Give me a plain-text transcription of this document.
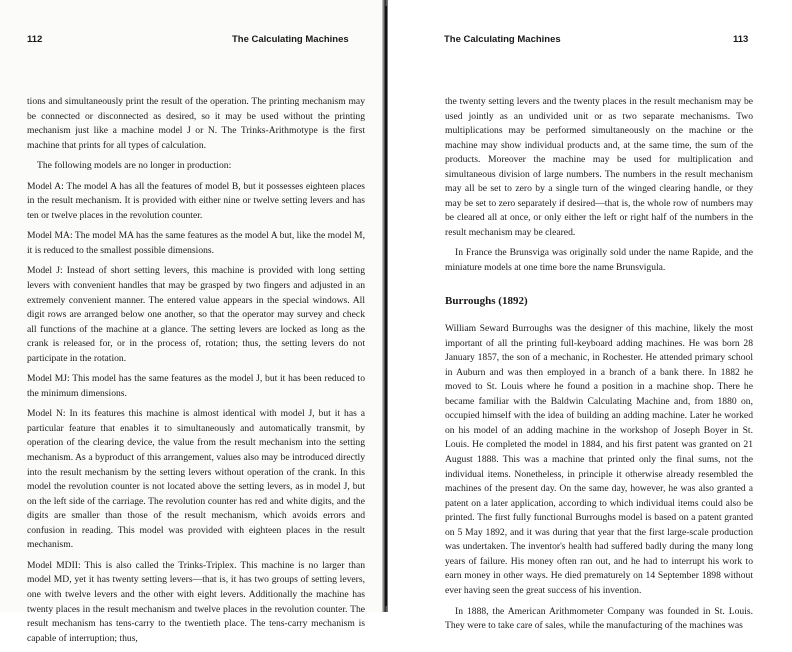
112	The Calculating Machines

tions and simultaneously print the result of the operation. The printing mechanism may be connected or disconnected as desired, so it may be used without the printing mechanism just like a machine model J or N. The Trinks-Arithmotype is the first machine that prints for all types of calculation.

The following models are no longer in production:

Model A: The model A has all the features of model B, but it possesses eighteen places in the result mechanism. It is provided with either nine or twelve setting levers and has ten or twelve places in the revolution counter.

Model MA: The model MA has the same features as the model A but, like the model M, it is reduced to the smallest possible dimensions.

Model J: Instead of short setting levers, this machine is provided with long setting levers with convenient handles that may be grasped by two fingers and adjusted in an extremely convenient manner. The entered value appears in the special windows. All digit rows are arranged below one another, so that the operator may survey and check all functions of the machine at a glance. The setting levers are locked as long as the crank is released for, or in the process of, rotation; thus, the setting levers do not participate in the rotation.

Model MJ: This model has the same features as the model J, but it has been reduced to the minimum dimensions.

Model N: In its features this machine is almost identical with model J, but it has a particular feature that enables it to simultaneously and automatically transmit, by operation of the clearing device, the value from the result mechanism into the setting mechanism. As a byproduct of this arrangement, values also may be introduced directly into the result mechanism by the setting levers without operation of the crank. In this model the revolution counter is not located above the setting levers, as in model J, but on the left side of the carriage. The revolution counter has red and white digits, and the digits are smaller than those of the result mechanism, which avoids errors and confusion in reading. This model was provided with eighteen places in the result mechanism.

Model MDII: This is also called the Trinks-Triplex. This machine is no larger than model MD, yet it has twenty setting levers—that is, it has two groups of setting levers, one with twelve levers and the other with eight levers. Additionally the machine has twenty places in the result mechanism and twelve places in the revolution counter. The result mechanism has tens-carry to the twentieth place. The tens-carry mechanism is capable of interruption; thus,

The Calculating Machines	113

the twenty setting levers and the twenty places in the result mechanism may be used jointly as an undivided unit or as two separate mechanisms. Two multiplications may be performed simultaneously on the machine or the machine may show individual products and, at the same time, the sum of the products. Moreover the machine may be used for multiplication and simultaneous division of large numbers. The numbers in the result mechanism may all be set to zero by a single turn of the winged clearing handle, or they may be set to zero separately if desired—that is, the whole row of numbers may be cleared all at once, or only either the left or right half of the numbers in the result mechanism may be cleared.

In France the Brunsviga was originally sold under the name Rapide, and the miniature models at one time bore the name Brunsvigula.

Burroughs (1892)

William Seward Burroughs was the designer of this machine, likely the most important of all the printing full-keyboard adding machines. He was born 28 January 1857, the son of a mechanic, in Rochester. He attended primary school in Auburn and was then employed in a branch of a bank there. In 1882 he moved to St. Louis where he found a position in a machine shop. There he became familiar with the Baldwin Calculating Machine and, from 1880 on, occupied himself with the idea of building an adding machine. Later he worked on his model of an adding machine in the workshop of Joseph Boyer in St. Louis. He completed the model in 1884, and his first patent was granted on 21 August 1888. This was a machine that printed only the final sums, not the individual items. Nonetheless, in principle it otherwise already resembled the machines of the present day. On the same day, however, he was also granted a patent on a later application, according to which individual items could also be printed. The first fully functional Burroughs model is based on a patent granted on 5 May 1892, and it was during that year that the first large-scale production was undertaken. The inventor's health had suffered badly during the many long years of failure. His money often ran out, and he had to interrupt his work to earn money in other ways. He died prematurely on 14 September 1898 without ever having seen the great success of his invention.

In 1888, the American Arithmometer Company was founded in St. Louis. They were to take care of sales, while the manufacturing of the machines was
